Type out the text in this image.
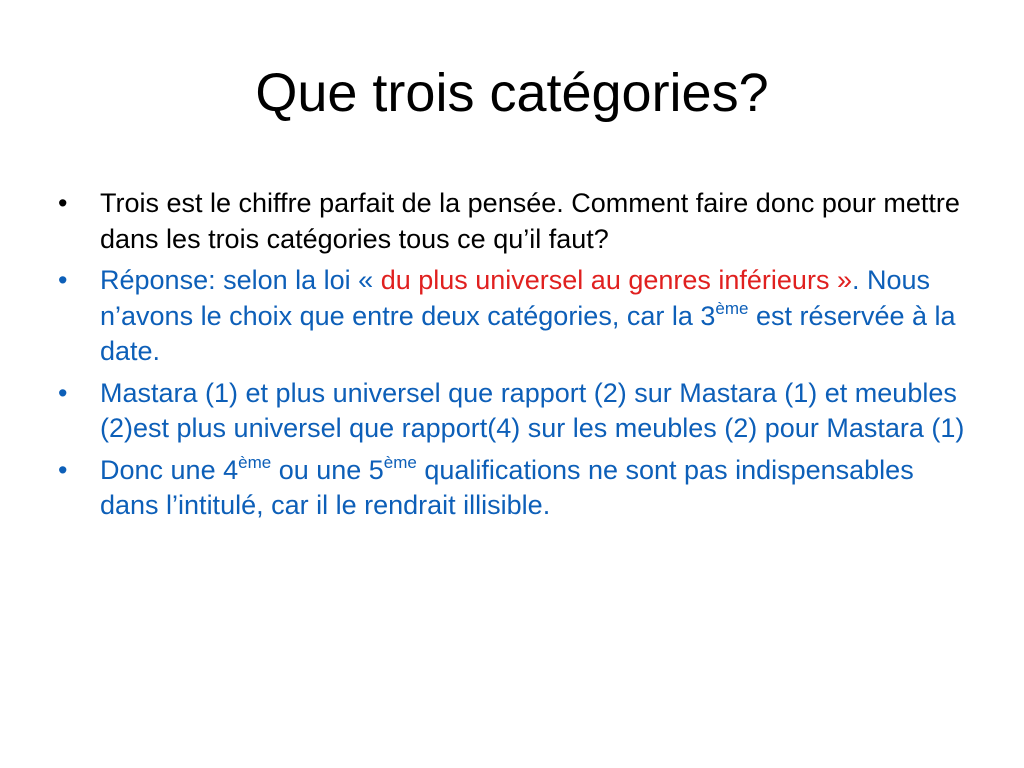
Que trois catégories?
•	Trois est le chiffre parfait de la pensée. Comment faire donc pour mettre dans les trois catégories tous ce qu’il faut?
•	Réponse: selon la loi « du plus universel au genres inférieurs ». Nous n’avons le choix que entre deux catégories, car la 3ème est réservée à la date.
•	Mastara (1) et plus universel que rapport (2) sur Mastara (1) et meubles (2)est plus universel que rapport(4) sur les meubles (2) pour Mastara (1)
•	Donc une 4ème ou une 5ème qualifications ne sont pas indispensables dans l’intitulé, car il le rendrait illisible.
